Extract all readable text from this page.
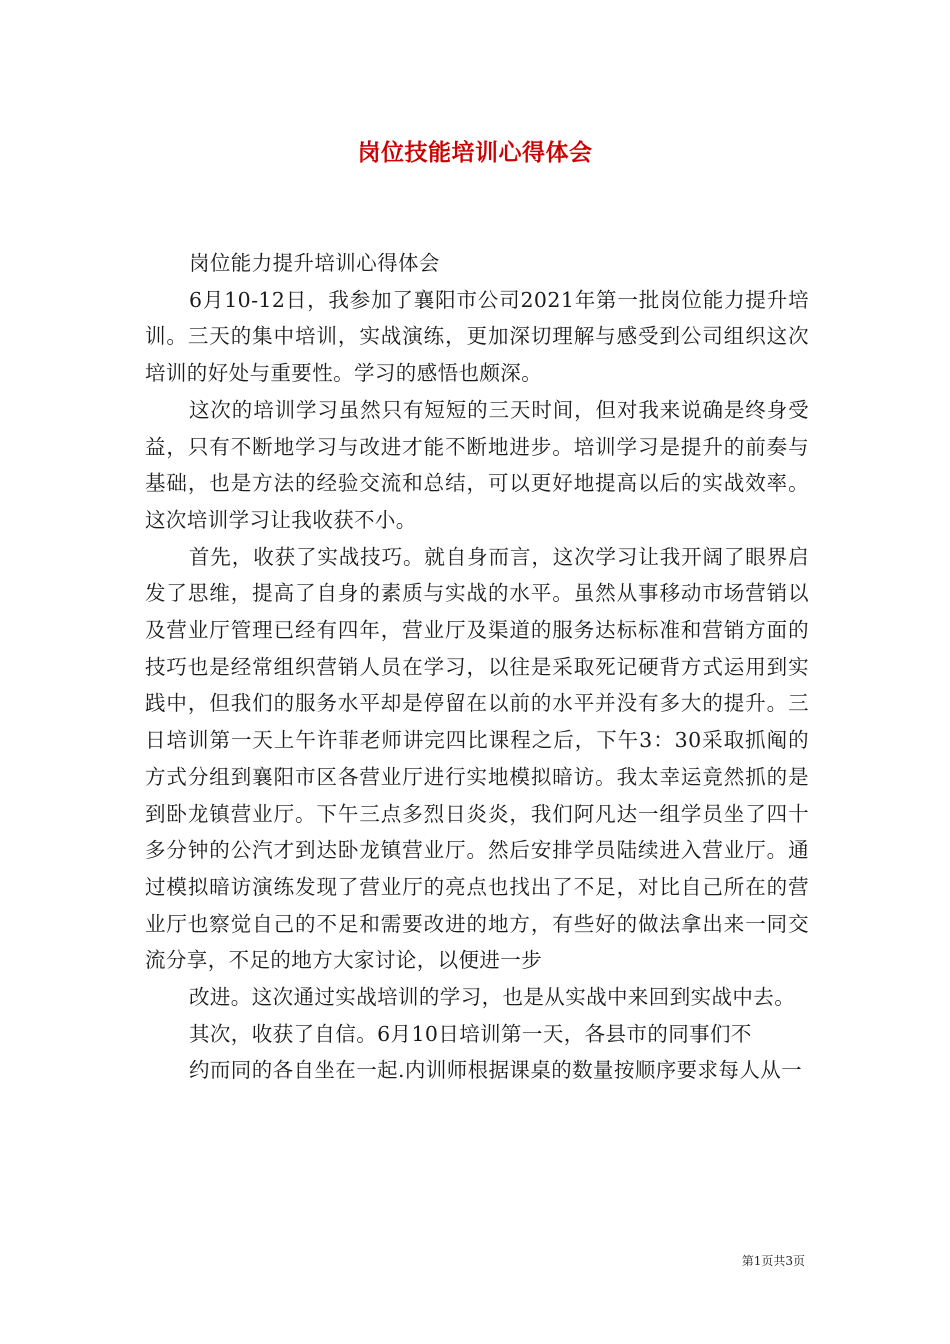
岗位技能培训心得体会

岗位能力提升培训心得体会

6月10-12日，我参加了襄阳市公司2021年第一批岗位能力提升培训。三天的集中培训，实战演练，更加深切理解与感受到公司组织这次培训的好处与重要性。学习的感悟也颇深。

这次的培训学习虽然只有短短的三天时间，但对我来说确是终身受益，只有不断地学习与改进才能不断地进步。培训学习是提升的前奏与基础，也是方法的经验交流和总结，可以更好地提高以后的实战效率。这次培训学习让我收获不小。

首先，收获了实战技巧。就自身而言，这次学习让我开阔了眼界启发了思维，提高了自身的素质与实战的水平。虽然从事移动市场营销以及营业厅管理已经有四年，营业厅及渠道的服务达标标准和营销方面的技巧也是经常组织营销人员在学习，以往是采取死记硬背方式运用到实践中，但我们的服务水平却是停留在以前的水平并没有多大的提升。三日培训第一天上午许菲老师讲完四比课程之后，下午3：30采取抓阄的方式分组到襄阳市区各营业厅进行实地模拟暗访。我太幸运竟然抓的是到卧龙镇营业厅。下午三点多烈日炎炎，我们阿凡达一组学员坐了四十多分钟的公汽才到达卧龙镇营业厅。然后安排学员陆续进入营业厅。通过模拟暗访演练发现了营业厅的亮点也找出了不足，对比自己所在的营业厅也察觉自己的不足和需要改进的地方，有些好的做法拿出来一同交流分享，不足的地方大家讨论，以便进一步

改进。这次通过实战培训的学习，也是从实战中来回到实战中去。

其次，收获了自信。6月10日培训第一天，各县市的同事们不

约而同的各自坐在一起.内训师根据课桌的数量按顺序要求每人从一

第1页共3页
